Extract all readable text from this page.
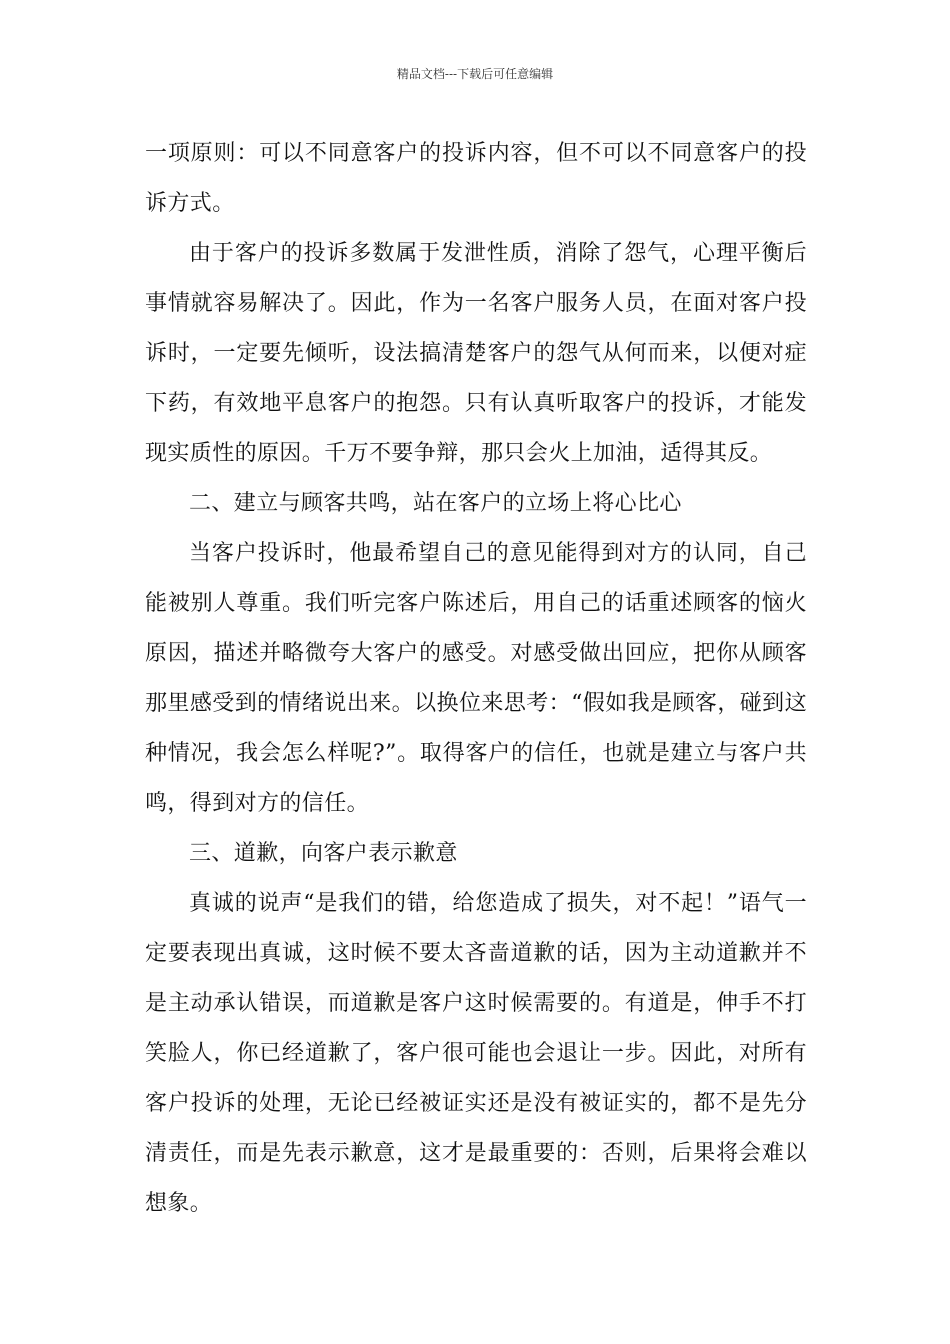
精品文档---下载后可任意编辑

一项原则：可以不同意客户的投诉内容，但不可以不同意客户的投诉方式。

由于客户的投诉多数属于发泄性质，消除了怨气，心理平衡后事情就容易解决了。因此，作为一名客户服务人员，在面对客户投诉时，一定要先倾听，设法搞清楚客户的怨气从何而来，以便对症下药，有效地平息客户的抱怨。只有认真听取客户的投诉，才能发现实质性的原因。千万不要争辩，那只会火上加油，适得其反。

二、建立与顾客共鸣，站在客户的立场上将心比心

当客户投诉时，他最希望自己的意见能得到对方的认同，自己能被别人尊重。我们听完客户陈述后，用自己的话重述顾客的恼火原因，描述并略微夸大客户的感受。对感受做出回应，把你从顾客那里感受到的情绪说出来。以换位来思考：“假如我是顾客，碰到这种情况，我会怎么样呢?”。取得客户的信任，也就是建立与客户共鸣，得到对方的信任。

三、道歉，向客户表示歉意

真诚的说声“是我们的错，给您造成了损失，对不起！”语气一定要表现出真诚，这时候不要太吝啬道歉的话，因为主动道歉并不是主动承认错误，而道歉是客户这时候需要的。有道是，伸手不打笑脸人，你已经道歉了，客户很可能也会退让一步。因此，对所有客户投诉的处理，无论已经被证实还是没有被证实的，都不是先分清责任，而是先表示歉意，这才是最重要的：否则，后果将会难以想象。
